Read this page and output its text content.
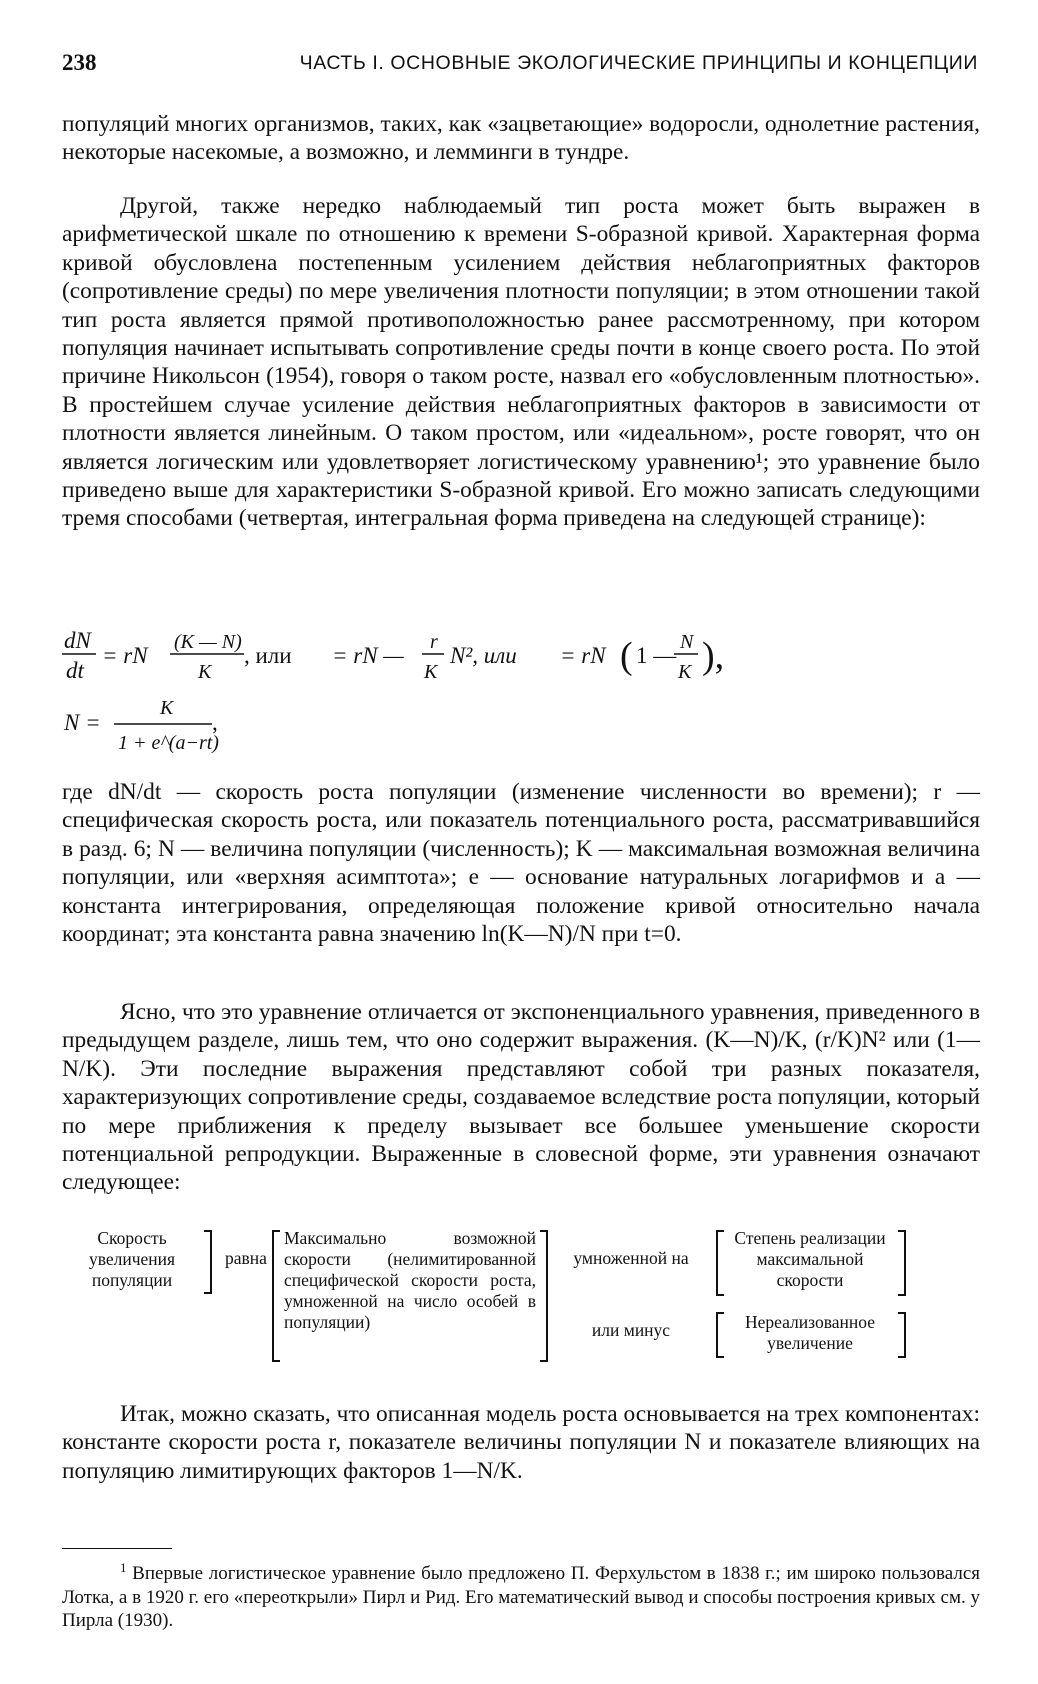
238	ЧАСТЬ I. ОСНОВНЫЕ ЭКОЛОГИЧЕСКИЕ ПРИНЦИПЫ И КОНЦЕПЦИИ

популяций многих организмов, таких, как «зацветающие» водоросли, однолетние растения, некоторые насекомые, а возможно, и лемминги в тундре.

Другой, также нередко наблюдаемый тип роста может быть выражен в арифметической шкале по отношению к времени S-образной кривой. Характерная форма кривой обусловлена постепенным усилением действия неблагоприятных факторов (сопротивление среды) по мере увеличения плотности популяции; в этом отношении такой тип роста является прямой противоположностью ранее рассмотренному, при котором популяция начинает испытывать сопротивление среды почти в конце своего роста. По этой причине Никольсон (1954), говоря о таком росте, назвал его «обусловленным плотностью». В простейшем случае усиление действия неблагоприятных факторов в зависимости от плотности является линейным. О таком простом, или «идеальном», росте говорят, что он является логическим или удовлетворяет логистическому уравнению¹; это уравнение было приведено выше для характеристики S-образной кривой. Его можно записать следующими тремя способами (четвертая, интегральная форма приведена на следующей странице):

dN
dt
= rN
(K — N)
K
, или = rN —
r
K
N², или = rN ( 1 —
N
K ),
N =
K
1 + e^(a−rt)
,

где dN/dt — скорость роста популяции (изменение численности во времени); r — специфическая скорость роста, или показатель потенциального роста, рассматривавшийся в разд. 6; N — величина популяции (численность); K — максимальная возможная величина популяции, или «верхняя асимптота»; e — основание натуральных логарифмов и a — константа интегрирования, определяющая положение кривой относительно начала координат; эта константа равна значению ln(K—N)/N при t=0.

Ясно, что это уравнение отличается от экспоненциального уравнения, приведенного в предыдущем разделе, лишь тем, что оно содержит выражения. (K—N)/K, (r/K)N² или (1—N/K). Эти последние выражения представляют собой три разных показателя, характеризующих сопротивление среды, создаваемое вследствие роста популяции, который по мере приближения к пределу вызывает все большее уменьшение скорости потенциальной репродукции. Выраженные в словесной форме, эти уравнения означают следующее:

Скорость увеличения популяции
равна
Максимально возможной скорости (нелимитированной специфической скорости роста, умноженной на число особей в популяции)
умноженной на
или минус
Степень реализации максимальной скорости
Нереализованное увеличение

Итак, можно сказать, что описанная модель роста основывается на трех компонентах: константе скорости роста r, показателе величины популяции N и показателе влияющих на популяцию лимитирующих факторов 1—N/K.

$^1$ Впервые логистическое уравнение было предложено П. Ферхульстом в 1838 г.; им широко пользовался Лотка, а в 1920 г. его «переоткрыли» Пирл и Рид. Его математический вывод и способы построения кривых см. у Пирла (1930).
